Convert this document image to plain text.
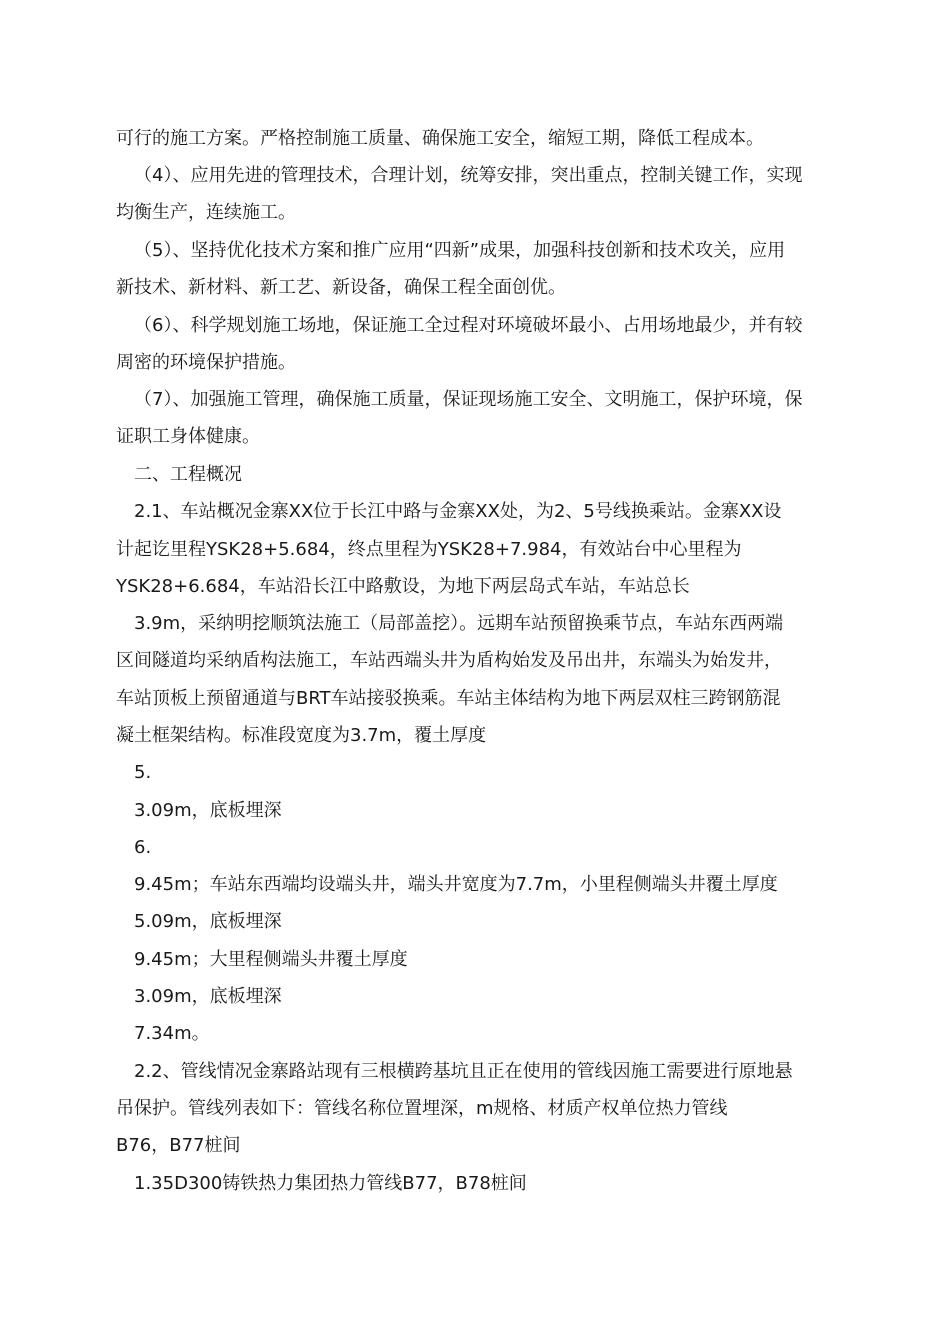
可行的施工方案。严格控制施工质量、确保施工安全，缩短工期，降低工程成本。
（4）、应用先进的管理技术，合理计划，统筹安排，突出重点，控制关键工作，实现
均衡生产，连续施工。
（5）、坚持优化技术方案和推广应用“四新”成果，加强科技创新和技术攻关，应用
新技术、新材料、新工艺、新设备，确保工程全面创优。
（6）、科学规划施工场地，保证施工全过程对环境破坏最小、占用场地最少，并有较
周密的环境保护措施。
（7）、加强施工管理，确保施工质量，保证现场施工安全、文明施工，保护环境，保
证职工身体健康。
二、工程概况
2.1、车站概况金寨XX位于长江中路与金寨XX处，为2、5号线换乘站。金寨XX设
计起讫里程YSK28+5.684，终点里程为YSK28+7.984，有效站台中心里程为
YSK28+6.684，车站沿长江中路敷设，为地下两层岛式车站，车站总长
3.9m，采纳明挖顺筑法施工（局部盖挖）。远期车站预留换乘节点，车站东西两端
区间隧道均采纳盾构法施工，车站西端头井为盾构始发及吊出井，东端头为始发井，
车站顶板上预留通道与BRT车站接驳换乘。车站主体结构为地下两层双柱三跨钢筋混
凝土框架结构。标准段宽度为3.7m，覆土厚度
5.
3.09m，底板埋深
6.
9.45m；车站东西端均设端头井，端头井宽度为7.7m，小里程侧端头井覆土厚度
5.09m，底板埋深
9.45m；大里程侧端头井覆土厚度
3.09m，底板埋深
7.34m。
2.2、管线情况金寨路站现有三根横跨基坑且正在使用的管线因施工需要进行原地悬
吊保护。管线列表如下：管线名称位置埋深，m规格、材质产权单位热力管线
B76，B77桩间
1.35D300铸铁热力集团热力管线B77，B78桩间
